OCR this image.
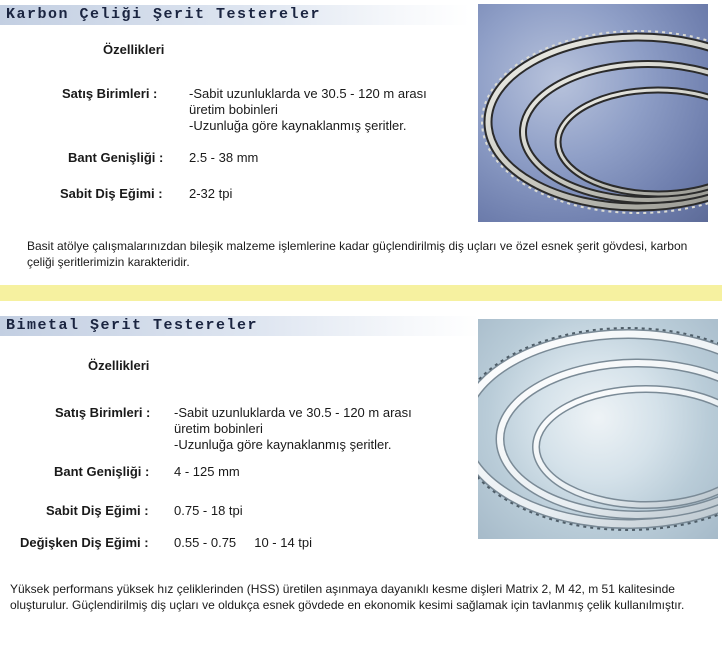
Karbon Çeliği Şerit Testereler
Özellikleri
Satış Birimleri : -Sabit uzunluklarda ve 30.5 - 120 m arası
üretim bobinleri
-Uzunluğa göre kaynaklanmış şeritler.
Bant Genişliği : 2.5 - 38 mm
Sabit Diş Eğimi : 2-32 tpi
Basit atölye çalışmalarınızdan bileşik malzeme işlemlerine kadar güçlendirilmiş diş uçları ve özel esnek şerit gövdesi, karbon çeliği şeritlerimizin karakteridir.
Bimetal Şerit Testereler
Özellikleri
Satış Birimleri : -Sabit uzunluklarda ve 30.5 - 120 m arası
üretim bobinleri
-Uzunluğa göre kaynaklanmış şeritler.
Bant Genişliği : 4 - 125 mm
Sabit Diş Eğimi : 0.75 - 18 tpi
Değişken Diş Eğimi : 0.55 - 0.75     10 - 14 tpi
Yüksek performans yüksek hız çeliklerinden (HSS) üretilen aşınmaya dayanıklı kesme dişleri Matrix 2, M 42, m 51 kalitesinde oluşturulur. Güçlendirilmiş diş uçları ve oldukça esnek gövdede en ekonomik kesimi sağlamak için tavlanmış çelik kullanılmıştır.
